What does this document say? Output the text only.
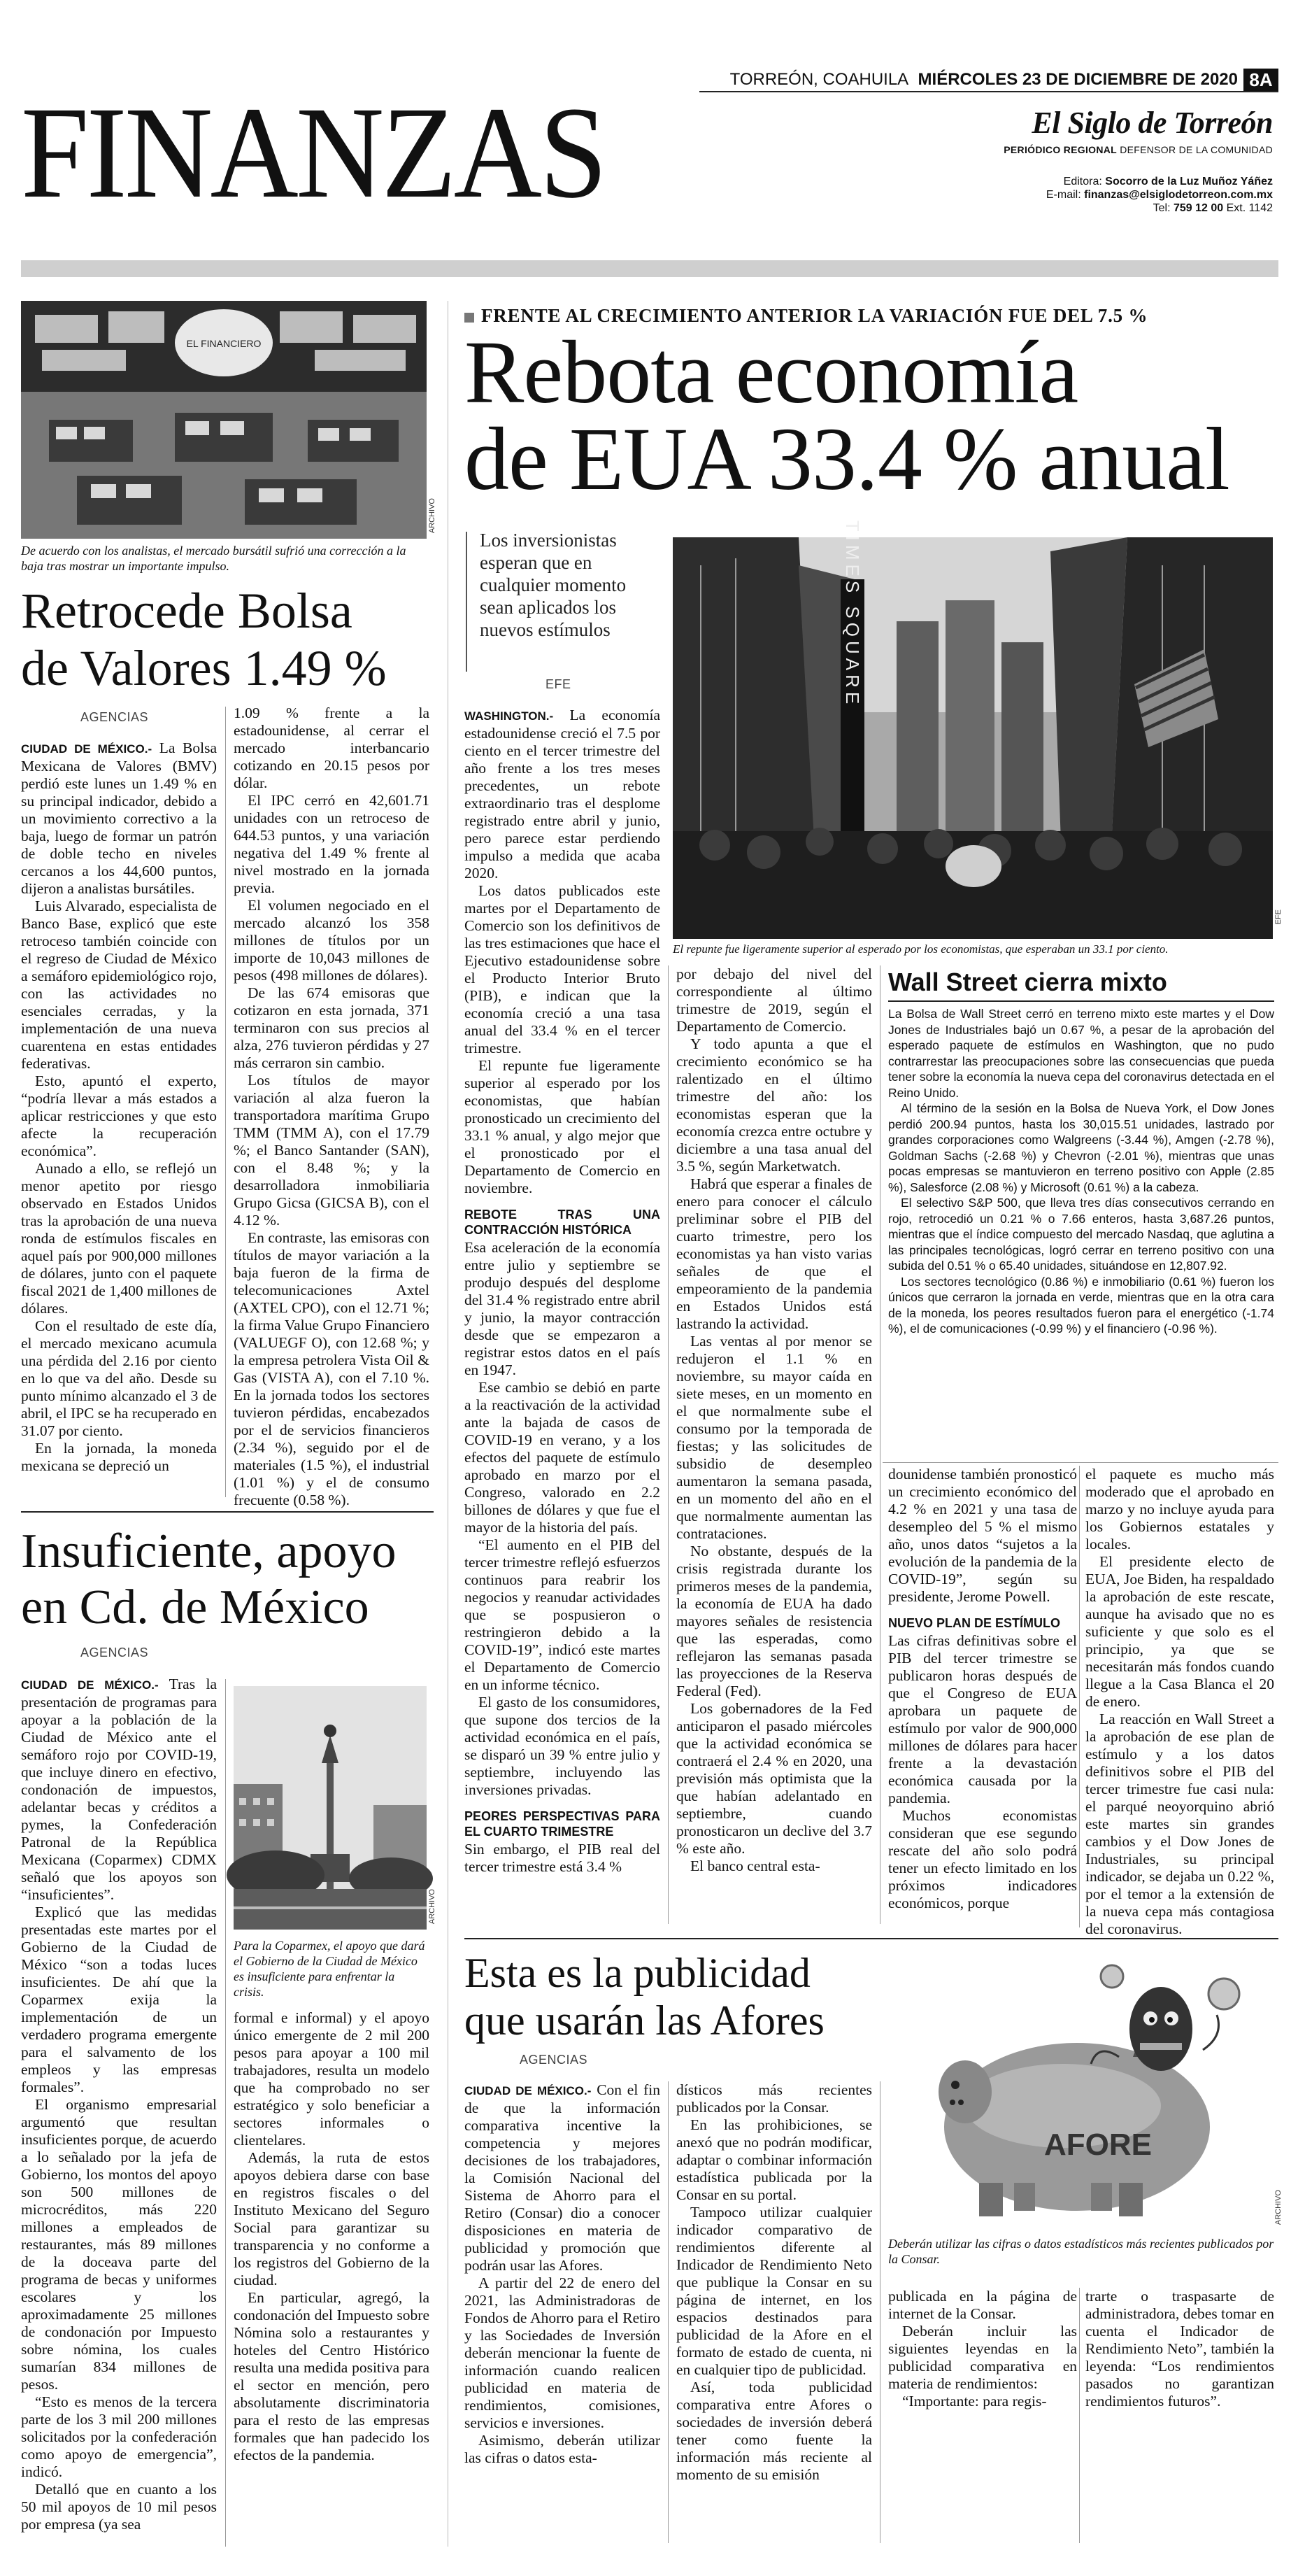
TORREÓN, COAHUILA MIÉRCOLES 23 DE DICIEMBRE DE 2020 8A
FINANZAS	El Siglo de Torreón
PERIÓDICO REGIONAL DEFENSOR DE LA COMUNIDAD
Editora: Socorro de la Luz Muñoz Yáñez
E-mail: finanzas@elsiglodetorreon.com.mx
Tel: 759 12 00 Ext. 1142
EL FINANCIERO
ARCHIVO
De acuerdo con los analistas, el mercado bursátil sufrió una corrección a la baja tras mostrar un importante impulso.
Retrocede Bolsa
de Valores 1.49 %
AGENCIAS

CIUDAD DE MÉXICO.- La Bolsa Mexicana de Valores (BMV) perdió este lunes un 1.49 % en su principal indicador, debido a un movimiento correctivo a la baja, luego de formar un patrón de doble techo en niveles cercanos a los 44,600 puntos, dijeron a analistas bursátiles.

Luis Alvarado, especialista de Banco Base, explicó que este retroceso también coincide con el regreso de Ciudad de México a semáforo epidemiológico rojo, con las actividades no esenciales cerradas, y la implementación de una nueva cuarentena en estas entidades federativas.

Esto, apuntó el experto, “podría llevar a más estados a aplicar restricciones y que esto afecte la recuperación económica”.

Aunado a ello, se reflejó un menor apetito por riesgo observado en Estados Unidos tras la aprobación de una nueva ronda de estímulos fiscales en aquel país por 900,000 millones de dólares, junto con el paquete fiscal 2021 de 1,400 millones de dólares.

Con el resultado de este día, el mercado mexicano acumula una pérdida del 2.16 por ciento en lo que va del año. Desde su punto mínimo alcanzado el 3 de abril, el IPC se ha recuperado en 31.07 por ciento.

En la jornada, la moneda mexicana se depreció un

1.09 % frente a la estadounidense, al cerrar el mercado interbancario cotizando en 20.15 pesos por dólar.

El IPC cerró en 42,601.71 unidades con un retroceso de 644.53 puntos, y una variación negativa del 1.49 % frente al nivel mostrado en la jornada previa.

El volumen negociado en el mercado alcanzó los 358 millones de títulos por un importe de 10,043 millones de pesos (498 millones de dólares).

De las 674 emisoras que cotizaron en esta jornada, 371 terminaron con sus precios al alza, 276 tuvieron pérdidas y 27 más cerraron sin cambio.

Los títulos de mayor variación al alza fueron la transportadora marítima Grupo TMM (TMM A), con el 17.79 %; el Banco Santander (SAN), con el 8.48 %; y la desarrolladora inmobiliaria Grupo Gicsa (GICSA B), con el 4.12 %.

En contraste, las emisoras con títulos de mayor variación a la baja fueron de la firma de telecomunicaciones Axtel (AXTEL CPO), con el 12.71 %; la firma Value Grupo Financiero (VALUEGF O), con 12.68 %; y la empresa petrolera Vista Oil & Gas (VISTA A), con el 7.10 %. En la jornada todos los sectores tuvieron pérdidas, encabezados por el de servicios financieros (2.34 %), seguido por el de materiales (1.5 %), el industrial (1.01 %) y el de consumo frecuente (0.58 %).

Insuficiente, apoyo
en Cd. de México
AGENCIAS

CIUDAD DE MÉXICO.- Tras la presentación de programas para apoyar a la población de la Ciudad de México ante el semáforo rojo por COVID-19, que incluye dinero en efectivo, condonación de impuestos, adelantar becas y créditos a pymes, la Confederación Patronal de la República Mexicana (Coparmex) CDMX señaló que los apoyos son “insuficientes”.

Explicó que las medidas presentadas este martes por el Gobierno de la Ciudad de México “son a todas luces insuficientes. De ahí que la Coparmex exija la implementación de un verdadero programa emergente para el salvamento de los empleos y las empresas formales”.

El organismo empresarial argumentó que resultan insuficientes porque, de acuerdo a lo señalado por la jefa de Gobierno, los montos del apoyo son 500 millones de microcréditos, más 220 millones a empleados de restaurantes, más 89 millones de la doceava parte del programa de becas y uniformes escolares y los aproximadamente 25 millones de condonación por Impuesto sobre nómina, los cuales sumarían 834 millones de pesos.

“Esto es menos de la tercera parte de los 3 mil 200 millones solicitados por la confederación como apoyo de emergencia”, indicó.

Detalló que en cuanto a los 50 mil apoyos de 10 mil pesos por empresa (ya sea

ARCHIVO
Para la Coparmex, el apoyo que dará el Gobierno de la Ciudad de México es insuficiente para enfrentar la crisis.

formal e informal) y el apoyo único emergente de 2 mil 200 pesos para apoyar a 100 mil trabajadores, resulta un modelo que ha comprobado no ser estratégico y solo beneficiar a sectores informales o clientelares.

Además, la ruta de estos apoyos debiera darse con base en registros fiscales o del Instituto Mexicano del Seguro Social para garantizar su transparencia y no conforme a los registros del Gobierno de la ciudad.

En particular, agregó, la condonación del Impuesto sobre Nómina solo a restaurantes y hoteles del Centro Histórico resulta una medida positiva para el sector en mención, pero absolutamente discriminatoria para el resto de las empresas formales que han padecido los efectos de la pandemia.

FRENTE AL CRECIMIENTO ANTERIOR LA VARIACIÓN FUE DEL 7.5 %
Rebota economía
de EUA 33.4 % anual
Los inversionistas esperan que en cualquier momento sean aplicados los nuevos estímulos
EFE	TIMES SQUARE
EFE
El repunte fue ligeramente superior al esperado por los economistas, que esperaban un 33.1 por ciento.

WASHINGTON.- La economía estadounidense creció el 7.5 por ciento en el tercer trimestre del año frente a los tres meses precedentes, un rebote extraordinario tras el desplome registrado entre abril y junio, pero parece estar perdiendo impulso a medida que acaba 2020.

Los datos publicados este martes por el Departamento de Comercio son los definitivos de las tres estimaciones que hace el Ejecutivo estadounidense sobre el Producto Interior Bruto (PIB), e indican que la economía creció a una tasa anual del 33.4 % en el tercer trimestre.

El repunte fue ligeramente superior al esperado por los economistas, que habían pronosticado un crecimiento del 33.1 % anual, y algo mejor que el pronosticado por el Departamento de Comercio en noviembre.

REBOTE TRAS UNA CONTRACCIÓN HISTÓRICA

Esa aceleración de la economía entre julio y septiembre se produjo después del desplome del 31.4 % registrado entre abril y junio, la mayor contracción desde que se empezaron a registrar estos datos en el país en 1947.

Ese cambio se debió en parte a la reactivación de la actividad ante la bajada de casos de COVID-19 en verano, y a los efectos del paquete de estímulo aprobado en marzo por el Congreso, valorado en 2.2 billones de dólares y que fue el mayor de la historia del país.

“El aumento en el PIB del tercer trimestre reflejó esfuerzos continuos para reabrir los negocios y reanudar actividades que se pospusieron o restringieron debido a la COVID-19”, indicó este martes el Departamento de Comercio en un informe técnico.

El gasto de los consumidores, que supone dos tercios de la actividad económica en el país, se disparó un 39 % entre julio y septiembre, incluyendo las inversiones privadas.

PEORES PERSPECTIVAS PARA EL CUARTO TRIMESTRE

Sin embargo, el PIB real del tercer trimestre está 3.4 %

por debajo del nivel del correspondiente al último trimestre de 2019, según el Departamento de Comercio.

Y todo apunta a que el crecimiento económico se ha ralentizado en el último trimestre del año: los economistas esperan que la economía crezca entre octubre y diciembre a una tasa anual del 3.5 %, según Marketwatch.

Habrá que esperar a finales de enero para conocer el cálculo preliminar sobre el PIB del cuarto trimestre, pero los economistas ya han visto varias señales de que el empeoramiento de la pandemia en Estados Unidos está lastrando la actividad.

Las ventas al por menor se redujeron el 1.1 % en noviembre, su mayor caída en siete meses, en un momento en el que normalmente sube el consumo por la temporada de fiestas; y las solicitudes de subsidio de desempleo aumentaron la semana pasada, en un momento del año en el que normalmente aumentan las contrataciones.

No obstante, después de la crisis registrada durante los primeros meses de la pandemia, la economía de EUA ha dado mayores señales de resistencia que las esperadas, como reflejaron las semanas pasada las proyecciones de la Reserva Federal (Fed).

Los gobernadores de la Fed anticiparon el pasado miércoles que la actividad económica se contraerá el 2.4 % en 2020, una previsión más optimista que la que habían adelantado en septiembre, cuando pronosticaron un declive del 3.7 % este año.

El banco central esta-

Wall Street cierra mixto

La Bolsa de Wall Street cerró en terreno mixto este martes y el Dow Jones de Industriales bajó un 0.67 %, a pesar de la aprobación del esperado paquete de estímulos en Washington, que no pudo contrarrestar las preocupaciones sobre las consecuencias que pueda tener sobre la economía la nueva cepa del coronavirus detectada en el Reino Unido.

Al término de la sesión en la Bolsa de Nueva York, el Dow Jones perdió 200.94 puntos, hasta los 30,015.51 unidades, lastrado por grandes corporaciones como Walgreens (-3.44 %), Amgen (-2.78 %), Goldman Sachs (-2.68 %) y Chevron (-2.01 %), mientras que unas pocas empresas se mantuvieron en terreno positivo con Apple (2.85 %), Salesforce (2.08 %) y Microsoft (0.61 %) a la cabeza.

El selectivo S&P 500, que lleva tres días consecutivos cerrando en rojo, retrocedió un 0.21 % o 7.66 enteros, hasta 3,687.26 puntos, mientras que el índice compuesto del mercado Nasdaq, que aglutina a las principales tecnológicas, logró cerrar en terreno positivo con una subida del 0.51 % o 65.40 unidades, situándose en 12,807.92.

Los sectores tecnológico (0.86 %) e inmobiliario (0.61 %) fueron los únicos que cerraron la jornada en verde, mientras que en la otra cara de la moneda, los peores resultados fueron para el energético (-1.74 %), el de comunicaciones (-0.99 %) y el financiero (-0.96 %).

dounidense también pronosticó un crecimiento económico del 4.2 % en 2021 y una tasa de desempleo del 5 % el mismo año, unos datos “sujetos a la evolución de la pandemia de la COVID-19”, según su presidente, Jerome Powell.

NUEVO PLAN DE ESTÍMULO

Las cifras definitivas sobre el PIB del tercer trimestre se publicaron horas después de que el Congreso de EUA aprobara un paquete de estímulo por valor de 900,000 millones de dólares para hacer frente a la devastación económica causada por la pandemia.

Muchos economistas consideran que ese segundo rescate del año solo podrá tener un efecto limitado en los próximos indicadores económicos, porque

el paquete es mucho más moderado que el aprobado en marzo y no incluye ayuda para los Gobiernos estatales y locales.

El presidente electo de EUA, Joe Biden, ha respaldado la aprobación de este rescate, aunque ha avisado que no es suficiente y que solo es el principio, ya que se necesitarán más fondos cuando llegue a la Casa Blanca el 20 de enero.

La reacción en Wall Street a la aprobación de ese plan de estímulo y a los datos definitivos sobre el PIB del tercer trimestre fue casi nula: el parqué neoyorquino abrió este martes sin grandes cambios y el Dow Jones de Industriales, su principal indicador, se dejaba un 0.22 %, por el temor a la extensión de la nueva cepa más contagiosa del coronavirus.

Esta es la publicidad
que usarán las Afores
AGENCIAS

CIUDAD DE MÉXICO.- Con el fin de que la información comparativa incentive la competencia y mejores decisiones de los trabajadores, la Comisión Nacional del Sistema de Ahorro para el Retiro (Consar) dio a conocer disposiciones en materia de publicidad y promoción que podrán usar las Afores.

A partir del 22 de enero del 2021, las Administradoras de Fondos de Ahorro para el Retiro y las Sociedades de Inversión deberán mencionar la fuente de información cuando realicen publicidad en materia de rendimientos, comisiones, servicios e inversiones.

Asimismo, deberán utilizar las cifras o datos esta-

dísticos más recientes publicados por la Consar.

En las prohibiciones, se anexó que no podrán modificar, adaptar o combinar información estadística publicada por la Consar en su portal.

Tampoco utilizar cualquier indicador comparativo de rendimientos diferente al Indicador de Rendimiento Neto que publique la Consar en su página de internet, en los espacios destinados para publicidad de la Afore en el formato de estado de cuenta, ni en cualquier tipo de publicidad.

Así, toda publicidad comparativa entre Afores o sociedades de inversión deberá tener como fuente la información más reciente al momento de su emisión

AFORE
ARCHIVO
Deberán utilizar las cifras o datos estadísticos más recientes publicados por la Consar.

publicada en la página de internet de la Consar.

Deberán incluir las siguientes leyendas en la publicidad comparativa en materia de rendimientos:

“Importante: para regis-

trarte o traspasarte de administradora, debes tomar en cuenta el Indicador de Rendimiento Neto”, también la leyenda: “Los rendimientos pasados no garantizan rendimientos futuros”.
